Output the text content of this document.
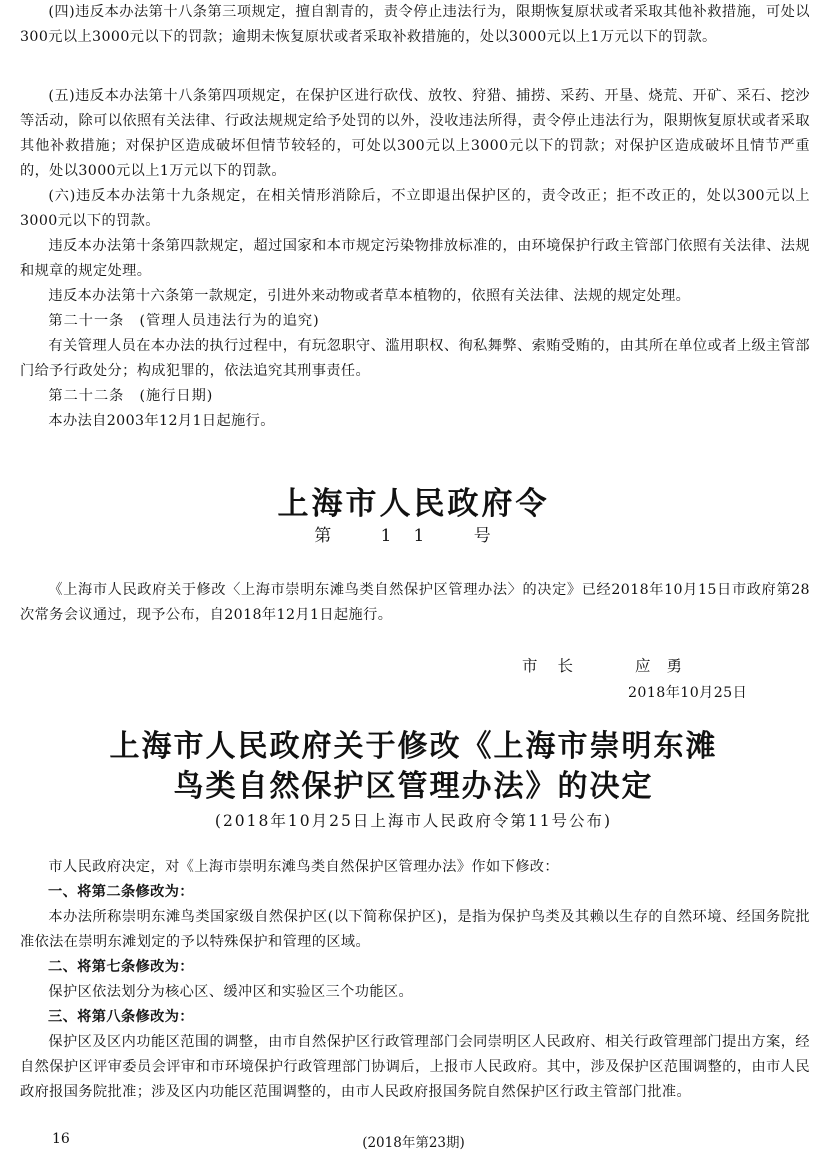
(四)违反本办法第十八条第三项规定，擅自割青的，责令停止违法行为，限期恢复原状或者采取其他补救措施，可处以300元以上3000元以下的罚款；逾期未恢复原状或者采取补救措施的，处以3000元以上1万元以下的罚款。

(五)违反本办法第十八条第四项规定，在保护区进行砍伐、放牧、狩猎、捕捞、采药、开垦、烧荒、开矿、采石、挖沙等活动，除可以依照有关法律、行政法规规定给予处罚的以外，没收违法所得，责令停止违法行为，限期恢复原状或者采取其他补救措施；对保护区造成破坏但情节较轻的，可处以300元以上3000元以下的罚款；对保护区造成破坏且情节严重的，处以3000元以上1万元以下的罚款。

(六)违反本办法第十九条规定，在相关情形消除后，不立即退出保护区的，责令改正；拒不改正的，处以300元以上3000元以下的罚款。

违反本办法第十条第四款规定，超过国家和本市规定污染物排放标准的，由环境保护行政主管部门依照有关法律、法规和规章的规定处理。

违反本办法第十六条第一款规定，引进外来动物或者草本植物的，依照有关法律、法规的规定处理。

第二十一条　(管理人员违法行为的追究)

有关管理人员在本办法的执行过程中，有玩忽职守、滥用职权、徇私舞弊、索贿受贿的，由其所在单位或者上级主管部门给予行政处分；构成犯罪的，依法追究其刑事责任。

第二十二条　(施行日期)

本办法自2003年12月1日起施行。

上海市人民政府令
第 11 号

《上海市人民政府关于修改〈上海市崇明东滩鸟类自然保护区管理办法〉的决定》已经2018年10月15日市政府第28次常务会议通过，现予公布，自2018年12月1日起施行。

市长	应勇
2018年10月25日
上海市人民政府关于修改《上海市崇明东滩
鸟类自然保护区管理办法》的决定
(2018年10月25日上海市人民政府令第11号公布)

市人民政府决定，对《上海市崇明东滩鸟类自然保护区管理办法》作如下修改：

一、将第二条修改为：

本办法所称崇明东滩鸟类国家级自然保护区(以下简称保护区)，是指为保护鸟类及其赖以生存的自然环境、经国务院批准依法在崇明东滩划定的予以特殊保护和管理的区域。

二、将第七条修改为：

保护区依法划分为核心区、缓冲区和实验区三个功能区。

三、将第八条修改为：

保护区及区内功能区范围的调整，由市自然保护区行政管理部门会同崇明区人民政府、相关行政管理部门提出方案，经自然保护区评审委员会评审和市环境保护行政管理部门协调后，上报市人民政府。其中，涉及保护区范围调整的，由市人民政府报国务院批准；涉及区内功能区范围调整的，由市人民政府报国务院自然保护区行政主管部门批准。

16	(2018年第23期)
